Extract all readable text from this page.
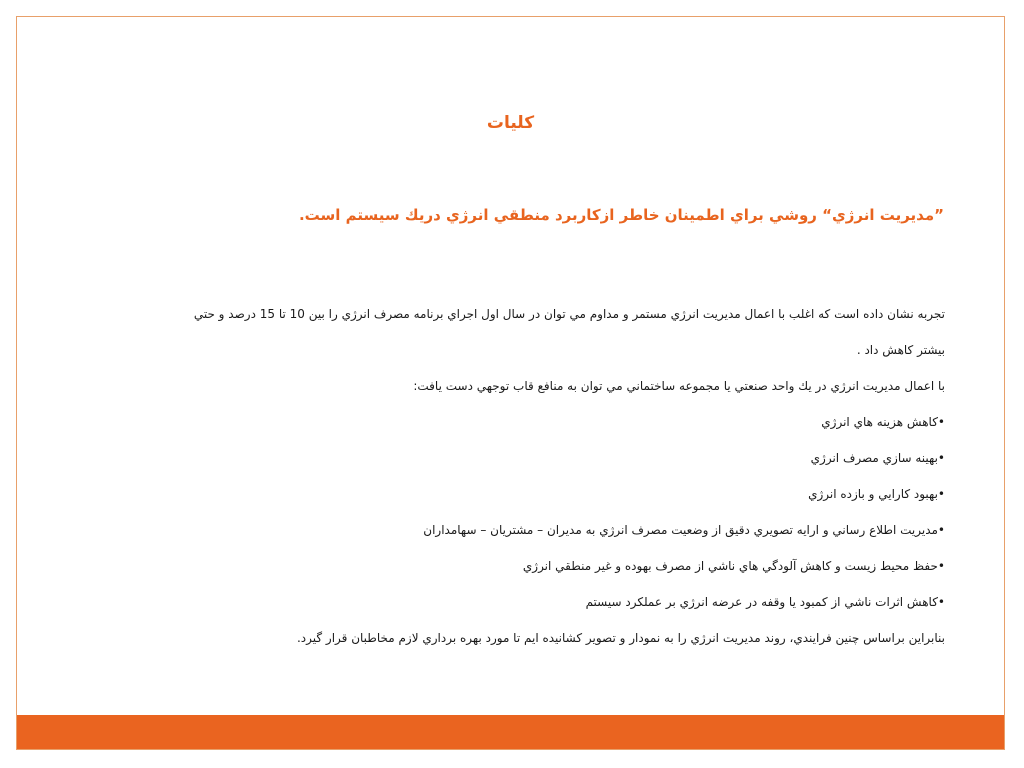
كليات
”مديريت انرژي“ روشي براي اطمينان خاطر ازكاربرد منطقي انرژي دريك سيستم است.
تجربه نشان داده است كه اغلب با اعمال مديريت انرژي مستمر و مداوم مي توان در سال اول اجراي برنامه مصرف انرژي را بين 10 تا 15 درصد و حتي
بيشتر كاهش داد .
با اعمال مديريت انرژي در يك واحد صنعتي يا مجموعه ساختماني مي توان به منافع قاب توجهي دست يافت:
•كاهش هزينه هاي انرژي
•بهينه سازي مصرف انرژي
•بهبود كارايي و بازده انرژي
•مديريت اطلاع رساني و ارايه تصويري دقيق از وضعيت مصرف انرژي به مديران – مشتريان – سهامداران
•حفظ محيط زيست و كاهش آلودگي هاي ناشي از مصرف بهوده و غير منطقي انرژي
•كاهش اثرات ناشي از كمبود يا وقفه در عرضه انرژي بر عملكرد سيستم
بنابراين براساس چنين فرايندي، روند مديريت انرژي را به نمودار و تصوير كشانيده ايم تا مورد بهره برداري لازم مخاطبان قرار گيرد.
